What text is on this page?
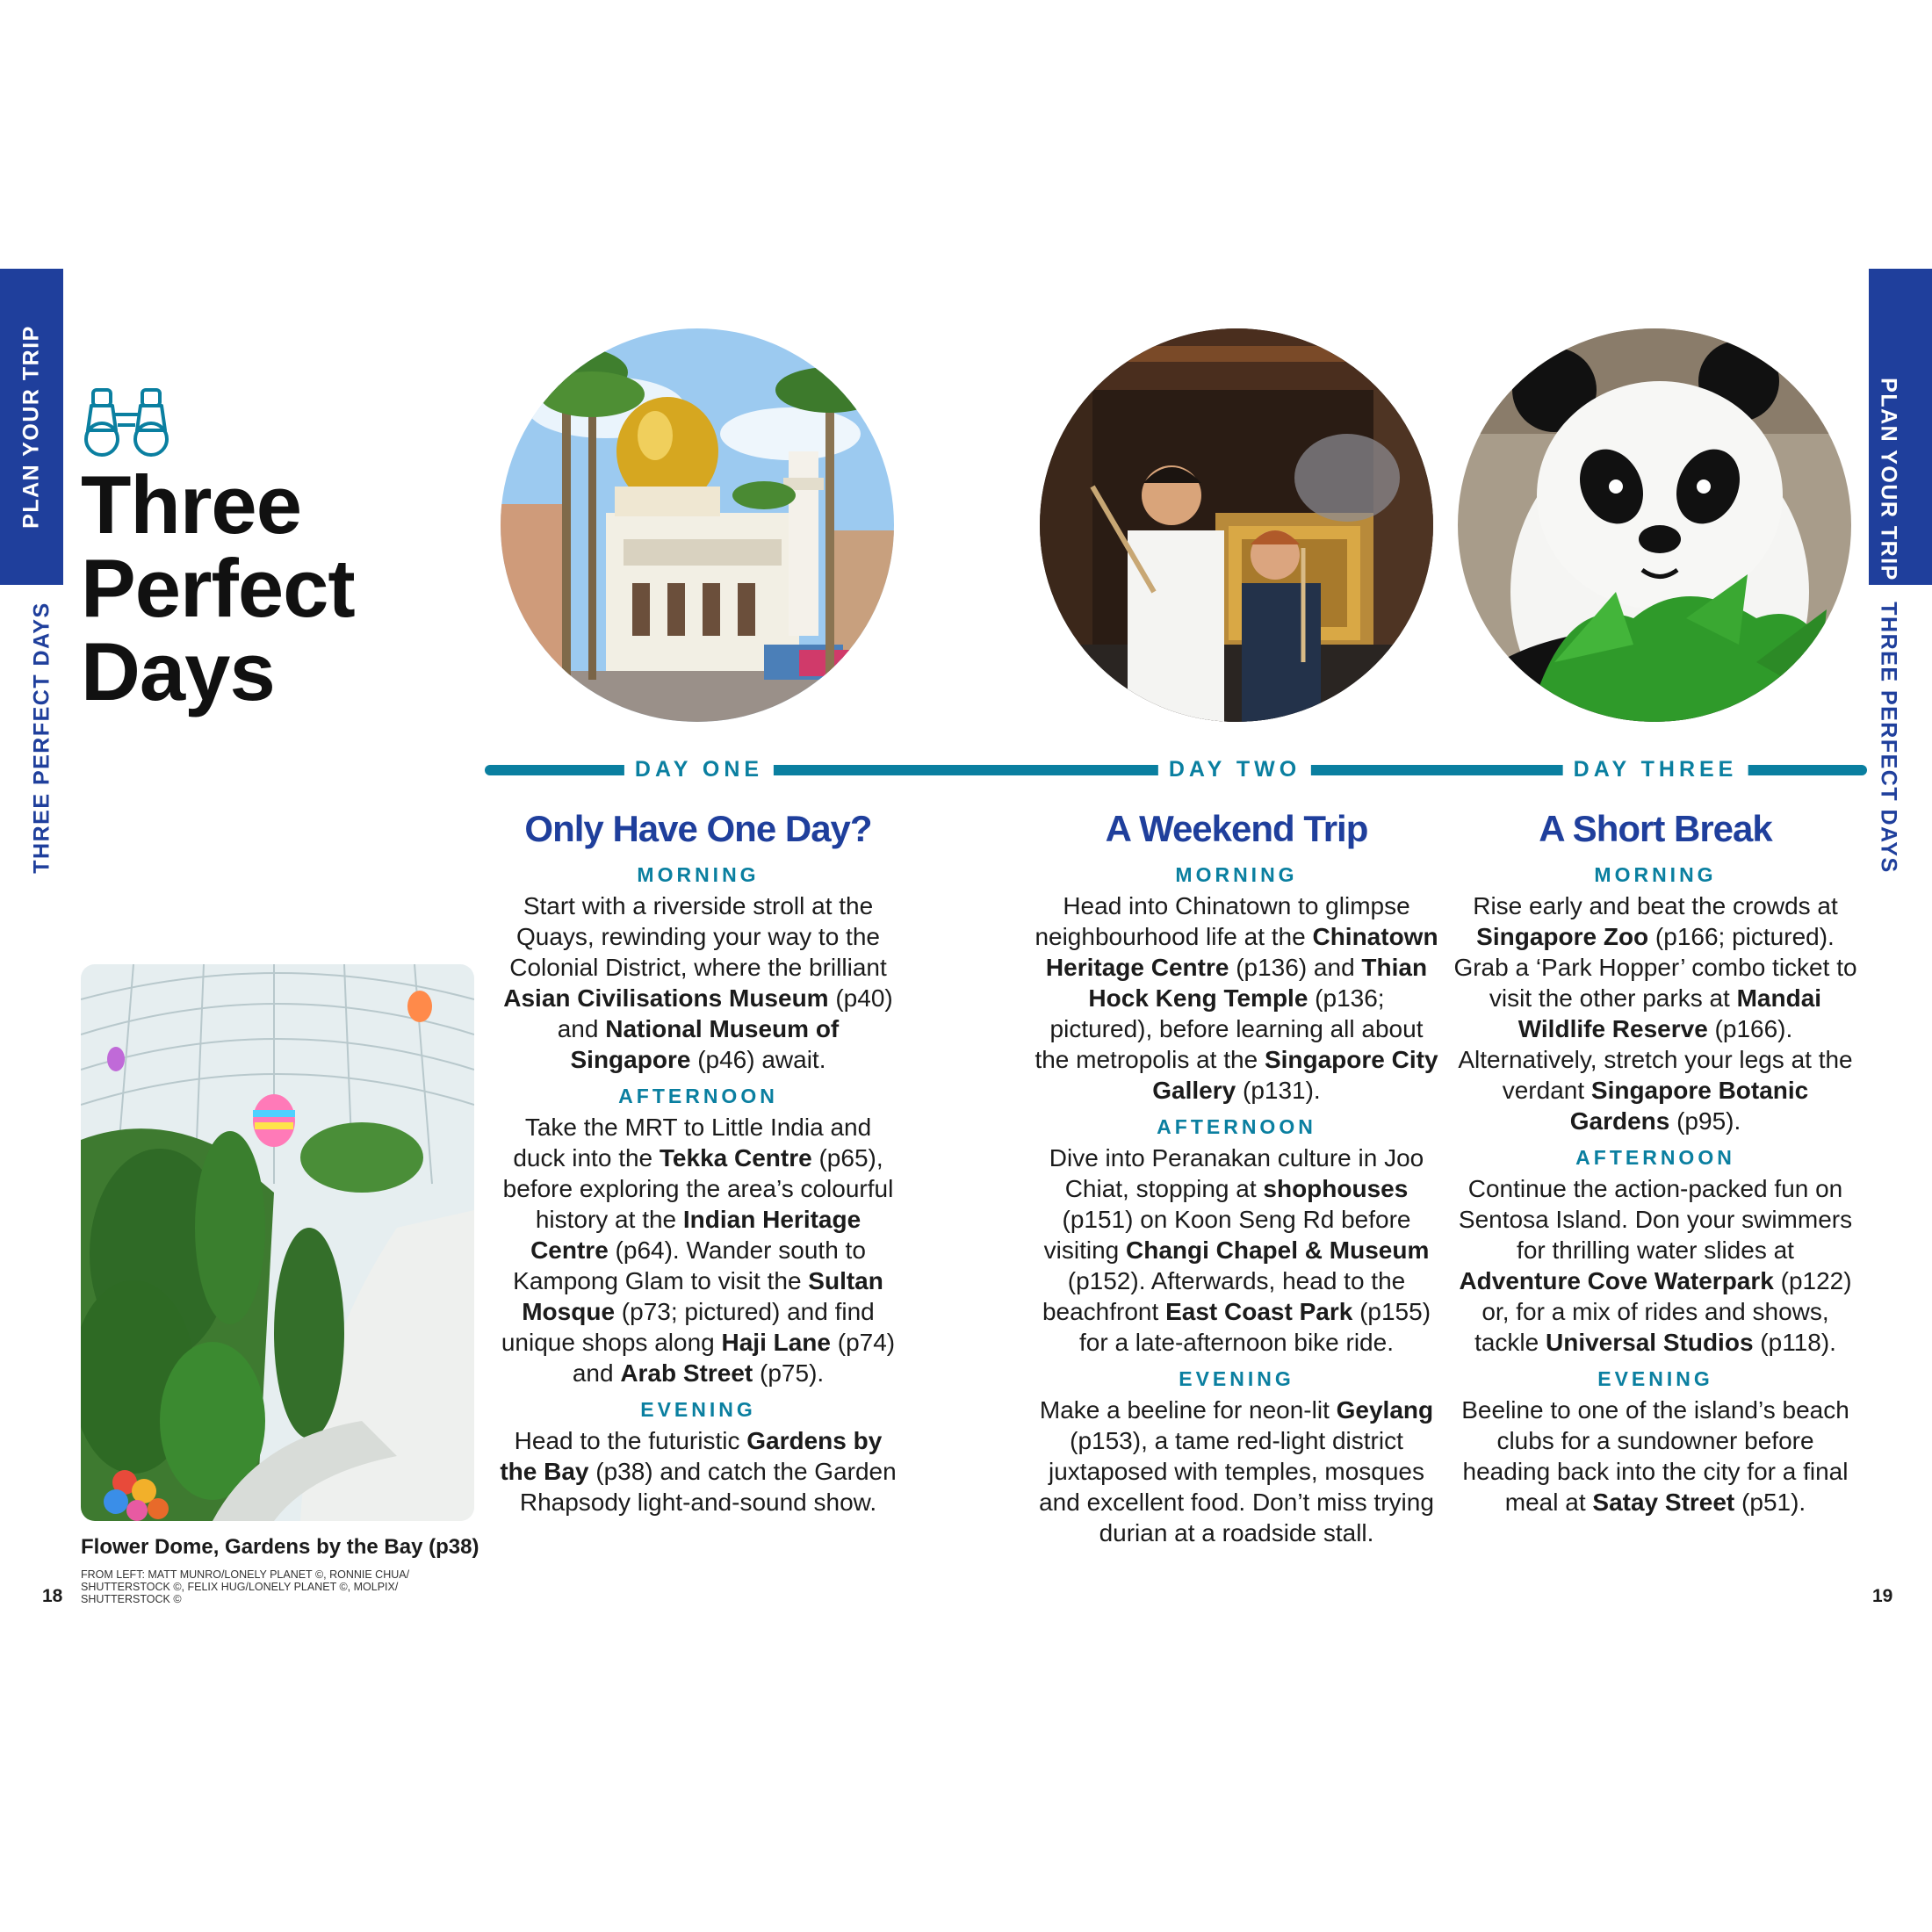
PLAN YOUR TRIP
THREE PERFECT DAYS
PLAN YOUR TRIP
THREE PERFECT DAYS
Three
Perfect
Days
DAY ONE	DAY TWO	DAY THREE
Only Have One Day?
MORNING
Start with a riverside stroll at the Quays, rewinding your way to the Colonial District, where the brilliant Asian Civilisations Museum (p40) and National Museum of Singapore (p46) await.
AFTERNOON
Take the MRT to Little India and duck into the Tekka Centre (p65), before exploring the area’s colourful history at the Indian Heritage Centre (p64). Wander south to Kampong Glam to visit the Sultan Mosque (p73; pictured) and find unique shops along Haji Lane (p74) and Arab Street (p75).
EVENING
Head to the futuristic Gardens by the Bay (p38) and catch the Garden Rhapsody light-and-sound show.
A Weekend Trip
MORNING
Head into Chinatown to glimpse neighbourhood life at the Chinatown Heritage Centre (p136) and Thian Hock Keng Temple (p136; pictured), before learning all about the metropolis at the Singapore City Gallery (p131).
AFTERNOON
Dive into Peranakan culture in Joo Chiat, stopping at shophouses (p151) on Koon Seng Rd before visiting Changi Chapel & Museum (p152). Afterwards, head to the beachfront East Coast Park (p155) for a late-afternoon bike ride.
EVENING
Make a beeline for neon-lit Geylang (p153), a tame red-light district juxtaposed with temples, mosques and excellent food. Don’t miss trying durian at a roadside stall.
A Short Break
MORNING
Rise early and beat the crowds at Singapore Zoo (p166; pictured). Grab a ‘Park Hopper’ combo ticket to visit the other parks at Mandai Wildlife Reserve (p166). Alternatively, stretch your legs at the verdant Singapore Botanic Gardens (p95).
AFTERNOON
Continue the action-packed fun on Sentosa Island. Don your swimmers for thrilling water slides at Adventure Cove Waterpark (p122) or, for a mix of rides and shows, tackle Universal Studios (p118).
EVENING
Beeline to one of the island’s beach clubs for a sundowner before heading back into the city for a final meal at Satay Street (p51).
Flower Dome, Gardens by the Bay (p38)
FROM LEFT: MATT MUNRO/LONELY PLANET ©, RONNIE CHUA/ SHUTTERSTOCK ©, FELIX HUG/LONELY PLANET ©, MOLPIX/ SHUTTERSTOCK ©
18	19
